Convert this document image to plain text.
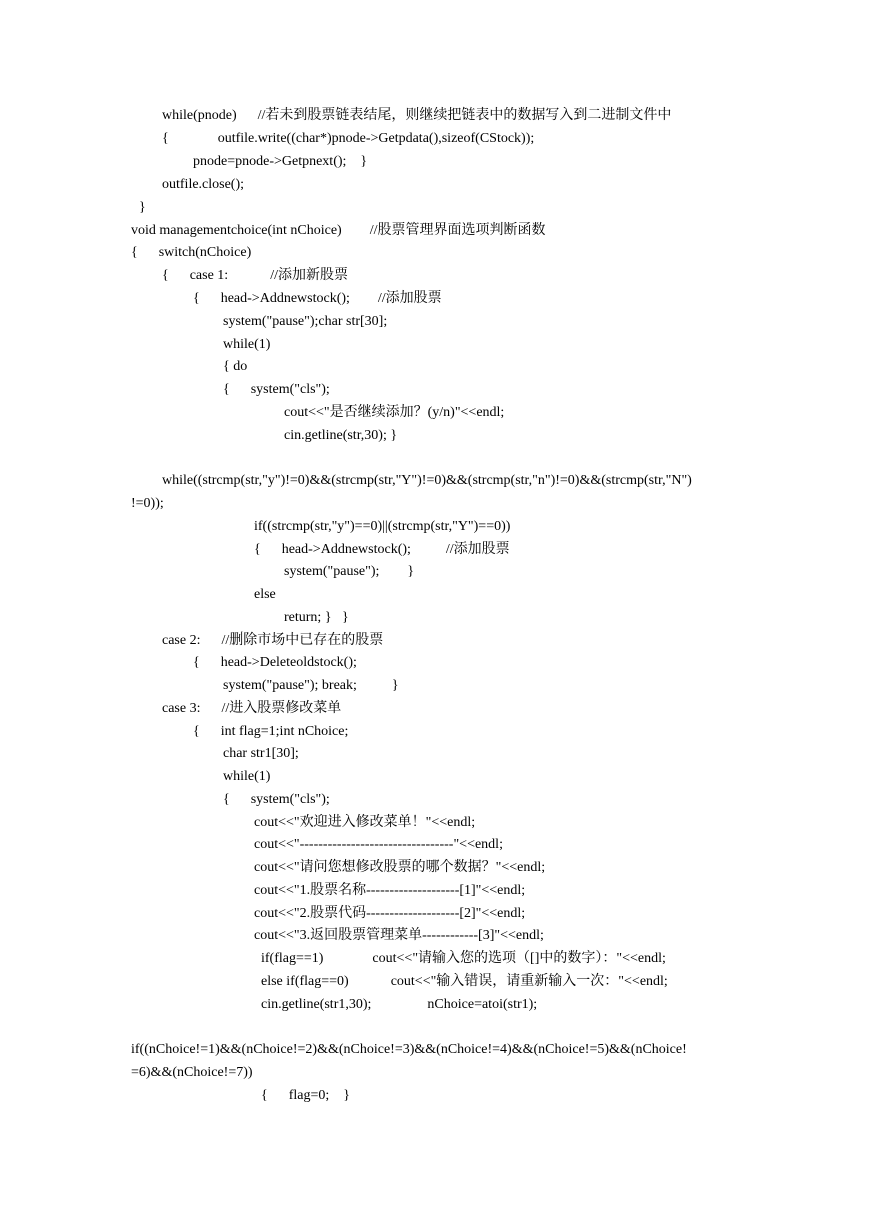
while(pnode)      //若未到股票链表结尾，则继续把链表中的数据写入到二进制文件中
{              outfile.write((char*)pnode->Getpdata(),sizeof(CStock));
pnode=pnode->Getpnext();    }
outfile.close();
}
void managementchoice(int nChoice)        //股票管理界面选项判断函数
{      switch(nChoice)
{      case 1:            //添加新股票
{      head->Addnewstock();        //添加股票
system("pause");char str[30];
while(1)
{ do
{      system("cls");
cout<<"是否继续添加？(y/n)"<<endl;
cin.getline(str,30); }
while((strcmp(str,"y")!=0)&&(strcmp(str,"Y")!=0)&&(strcmp(str,"n")!=0)&&(strcmp(str,"N")
!=0));
if((strcmp(str,"y")==0)||(strcmp(str,"Y")==0))
{      head->Addnewstock();          //添加股票
system("pause");        }
else
return; }   }
case 2:      //删除市场中已存在的股票
{      head->Deleteoldstock();
system("pause"); break;          }
case 3:      //进入股票修改菜单
{      int flag=1;int nChoice;
char str1[30];
while(1)
{      system("cls");
cout<<"欢迎进入修改菜单！"<<endl;
cout<<"---------------------------------"<<endl;
cout<<"请问您想修改股票的哪个数据？"<<endl;
cout<<"1.股票名称--------------------[1]"<<endl;
cout<<"2.股票代码--------------------[2]"<<endl;
cout<<"3.返回股票管理菜单------------[3]"<<endl;
if(flag==1)              cout<<"请输入您的选项（[]中的数字）："<<endl;
else if(flag==0)            cout<<"输入错误，请重新输入一次："<<endl;
cin.getline(str1,30);                nChoice=atoi(str1);
if((nChoice!=1)&&(nChoice!=2)&&(nChoice!=3)&&(nChoice!=4)&&(nChoice!=5)&&(nChoice!
=6)&&(nChoice!=7))
{      flag=0;    }
